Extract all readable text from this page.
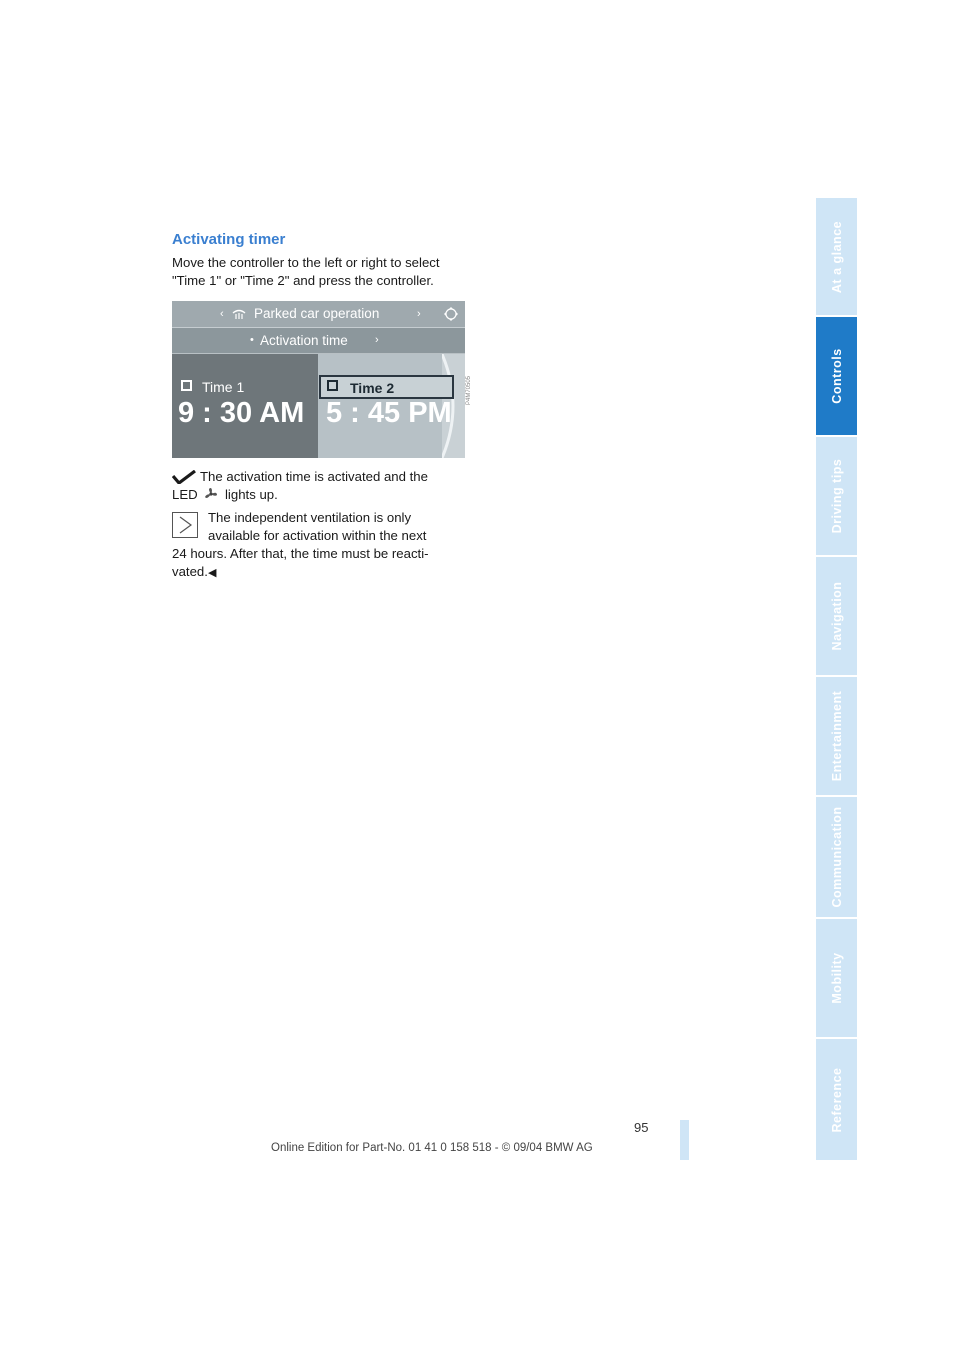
Activating timer

Move the controller to the left or right to select "Time 1" or "Time 2" and press the controller.

‹ Parked car operation	›
• Activation time ›
Time 1	Time 2
9 : 30 AM 5 : 45 PM
P4M70505
The activation time is activated and the
LED lights up.
The independent ventilation is only
available for activation within the next
24 hours. After that, the time must be reacti-
vated.◀
At a glance
Controls
Driving tips
Navigation
Entertainment
Communication
Mobility
Reference
95
Online Edition for Part-No. 01 41 0 158 518 - © 09/04 BMW AG
